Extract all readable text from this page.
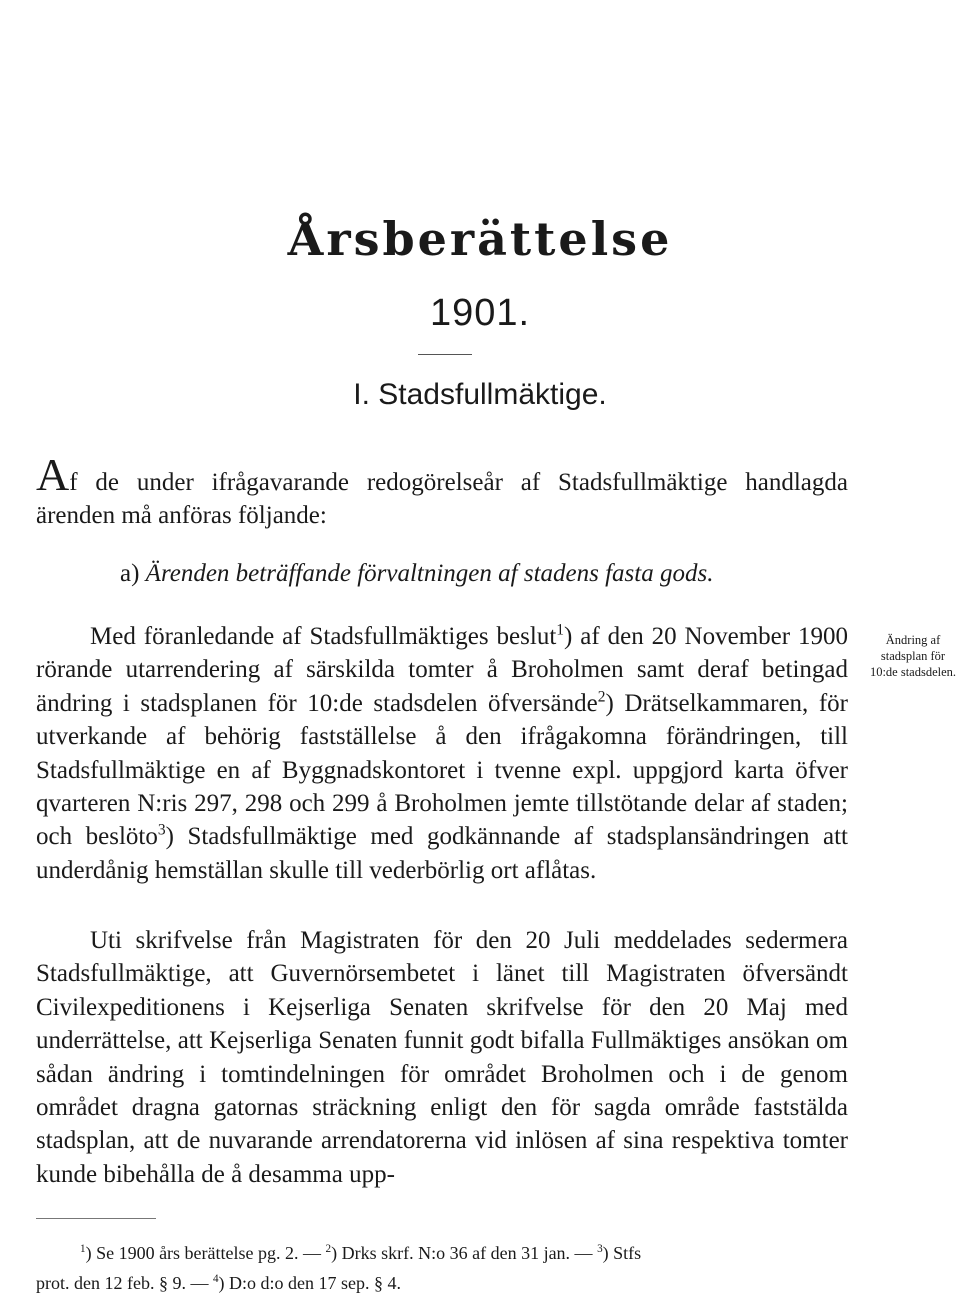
Årsberättelse
1901.
I. Stadsfullmäktige.

Af de under ifrågavarande redogörelseår af Stadsfullmäktige handlagda ärenden må anföras följande:

a) Ärenden beträffande förvaltningen af stadens fasta gods.
Ändring af stadsplan för 10:de stadsdelen.

Med föranledande af Stadsfullmäktiges beslut$^1$) af den 20 November 1900 rörande utarrendering af särskilda tomter å Broholmen samt deraf betingad ändring i stadsplanen för 10:de stadsdelen öfversände$^2$) Drätselkammaren, för utverkande af behörig fastställelse å den ifrågakomna förändringen, till Stadsfullmäktige en af Byggnadskontoret i tvenne expl. uppgjord karta öfver qvarteren N:ris 297, 298 och 299 å Broholmen jemte tillstötande delar af staden; och beslöto$^3$) Stadsfullmäktige med godkännande af stadsplansändringen att underdånig hemställan skulle till vederbörlig ort aflåtas.

Uti skrifvelse från Magistraten för den 20 Juli meddelades sedermera Stadsfullmäktige, att Guvernörsembetet i länet till Magistraten öfversändt Civilexpeditionens i Kejserliga Senaten skrifvelse för den 20 Maj med underrättelse, att Kejserliga Senaten funnit godt bifalla Fullmäktiges ansökan om sådan ändring i tomtindelningen för området Broholmen och i de genom området dragna gatornas sträckning enligt den för sagda område faststälda stadsplan, att de nuvarande arrendatorerna vid inlösen af sina respektiva tomter kunde bibehålla de å desamma upp-

$^1$) Se 1900 års berättelse pg. 2. — $^2$) Drks skrf. N:o 36 af den 31 jan. — $^3$) Stfs
prot. den 12 feb. § 9. — $^4$) D:o d:o den 17 sep. § 4.
